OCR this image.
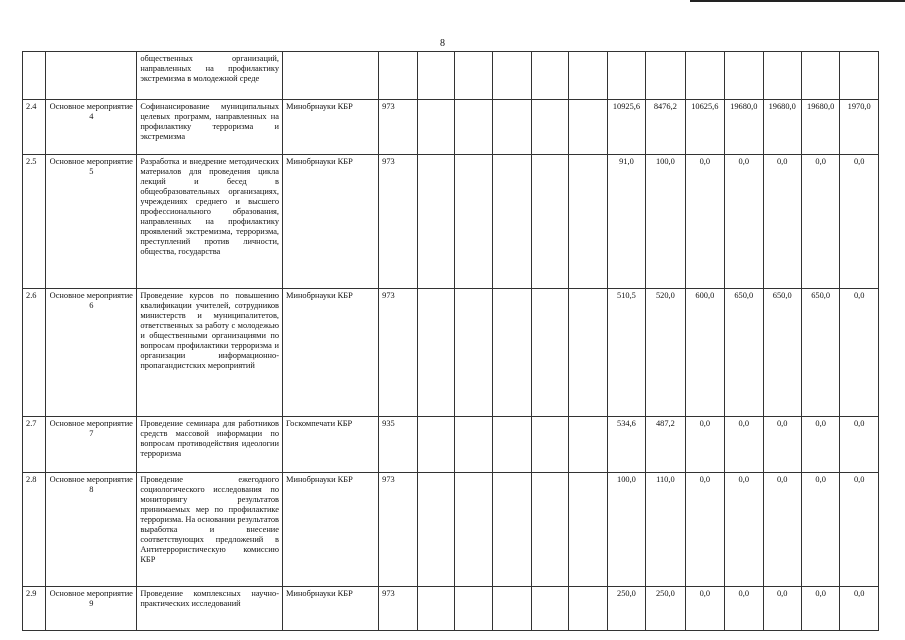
8
		общественных организаций, направленных на профилактику экстремизма в молодежной среде														
2.4	Основное мероприятие 4	Софинансирование муниципальных целевых программ, направленных на профилактику терроризма и экстремизма	Минобрнауки КБР	973						10925,6	8476,2	10625,6	19680,0	19680,0	19680,0	1970,0
2.5	Основное мероприятие 5	Разработка и внедрение методических материалов для проведения цикла лекций и бесед в общеобразовательных организациях, учреждениях среднего и высшего профессионального образования, направленных на профилактику проявлений экстремизма, терроризма, преступлений против личности, общества, государства	Минобрнауки КБР	973						91,0	100,0	0,0	0,0	0,0	0,0	0,0
2.6	Основное мероприятие 6	Проведение курсов по повышению квалификации учителей, сотрудников министерств и муниципалитетов, ответственных за работу с молодежью и общественными организациями по вопросам профилактики терроризма и организации информационно-пропагандистских мероприятий	Минобрнауки КБР	973						510,5	520,0	600,0	650,0	650,0	650,0	0,0
2.7	Основное мероприятие 7	Проведение семинара для работников средств массовой информации по вопросам противодействия идеологии терроризма	Госкомпечати КБР	935						534,6	487,2	0,0	0,0	0,0	0,0	0,0
2.8	Основное мероприятие 8	Проведение ежегодного социологического исследования по мониторингу результатов принимаемых мер по профилактике терроризма. На основании результатов выработка и внесение соответствующих предложений в Антитеррористическую комиссию КБР	Минобрнауки КБР	973						100,0	110,0	0,0	0,0	0,0	0,0	0,0
2.9	Основное мероприятие 9	Проведение комплексных научно-практических исследований	Минобрнауки КБР	973						250,0	250,0	0,0	0,0	0,0	0,0	0,0
